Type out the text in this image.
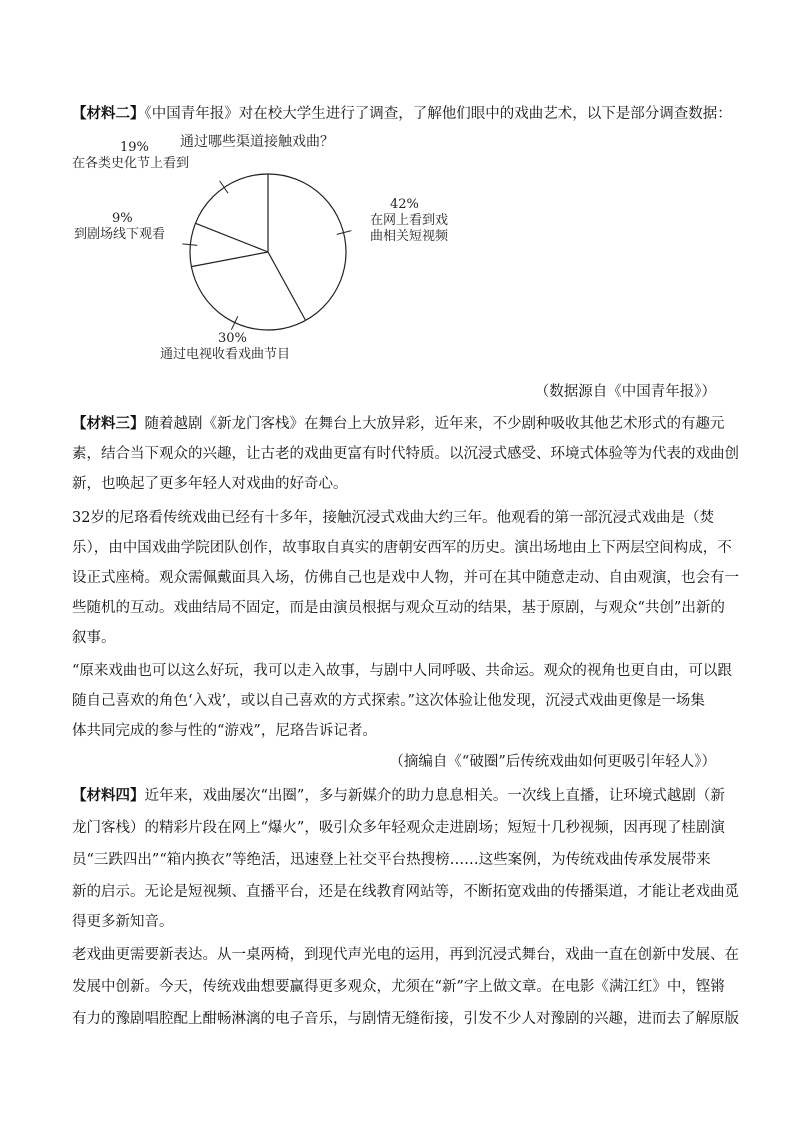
【材料二】《中国青年报》对在校大学生进行了调查，了解他们眼中的戏曲艺术，以下是部分调查数据：
通过哪些渠道接触戏曲？
42%
在网上看到戏
曲相关短视频
30%
通过电视收看戏曲节目
9%
到剧场线下观看
19%
在各类史化节上看到
（数据源自《中国青年报》）
【材料三】随着越剧《新龙门客栈》在舞台上大放异彩，近年来，不少剧种吸收其他艺术形式的有趣元
素，结合当下观众的兴趣，让古老的戏曲更富有时代特质。以沉浸式感受、环境式体验等为代表的戏曲创
新，也唤起了更多年轻人对戏曲的好奇心。
32岁的尼珞看传统戏曲已经有十多年，接触沉浸式戏曲大约三年。他观看的第一部沉浸式戏曲是（焚
乐），由中国戏曲学院团队创作，故事取自真实的唐朝安西军的历史。演出场地由上下两层空间构成，不
设正式座椅。观众需佩戴面具入场，仿佛自己也是戏中人物，并可在其中随意走动、自由观演，也会有一
些随机的互动。戏曲结局不固定，而是由演员根据与观众互动的结果，基于原剧，与观众“共创”出新的
叙事。
“原来戏曲也可以这么好玩，我可以走入故事，与剧中人同呼吸、共命运。观众的视角也更自由，可以跟
随自己喜欢的角色‘入戏’，或以自己喜欢的方式探索。”这次体验让他发现，沉浸式戏曲更像是一场集
体共同完成的参与性的“游戏”，尼珞告诉记者。
（摘编自《“破圈”后传统戏曲如何更吸引年轻人》）
【材料四】近年来，戏曲屡次“出圈”，多与新媒介的助力息息相关。一次线上直播，让环境式越剧（新
龙门客栈）的精彩片段在网上“爆火”，吸引众多年轻观众走进剧场；短短十几秒视频，因再现了桂剧演
员“三跌四出”“箱内换衣”等绝活，迅速登上社交平台热搜榜……这些案例，为传统戏曲传承发展带来
新的启示。无论是短视频、直播平台，还是在线教育网站等，不断拓宽戏曲的传播渠道，才能让老戏曲觅
得更多新知音。
老戏曲更需要新表达。从一桌两椅，到现代声光电的运用，再到沉浸式舞台，戏曲一直在创新中发展、在
发展中创新。今天，传统戏曲想要赢得更多观众，尤须在“新”字上做文章。在电影《满江红》中，铿锵
有力的豫剧唱腔配上酣畅淋漓的电子音乐，与剧情无缝衔接，引发不少人对豫剧的兴趣，进而去了解原版
